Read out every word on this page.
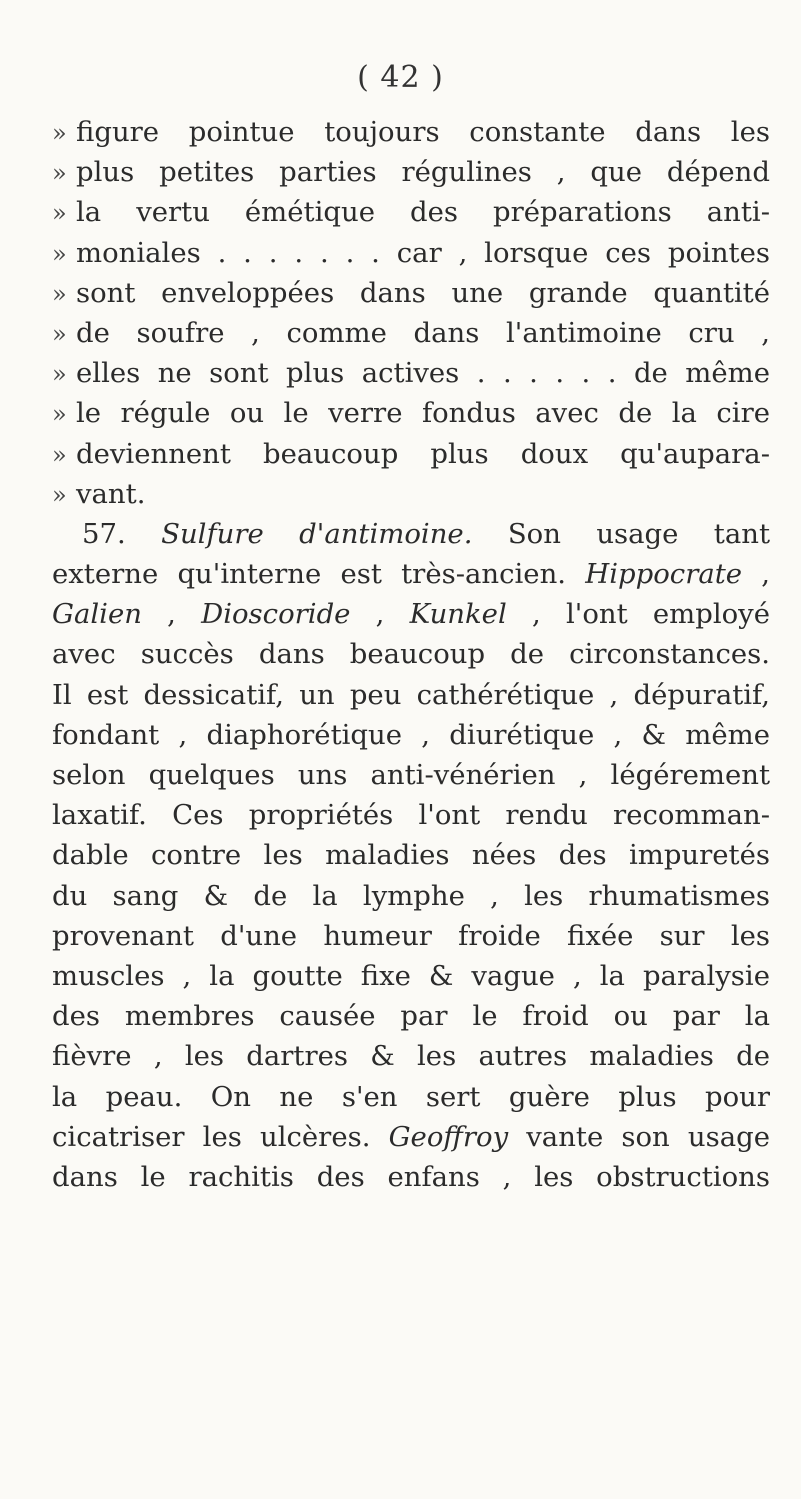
( 42 )
» figure pointue toujours constante dans les
» plus petites parties régulines , que dépend
» la vertu émétique des préparations anti-
» moniales . . . . . . . car , lorsque ces pointes
» sont enveloppées dans une grande quantité
» de soufre , comme dans l'antimoine cru ,
» elles ne sont plus actives . . . . . . de même
» le régule ou le verre fondus avec de la cire
» deviennent beaucoup plus doux qu'aupara-
» vant.
57. Sulfure d'antimoine. Son usage tant
externe qu'interne est très-ancien. Hippocrate ,
Galien , Dioscoride , Kunkel , l'ont employé
avec succès dans beaucoup de circonstances.
Il est dessicatif, un peu cathérétique , dépuratif,
fondant , diaphorétique , diurétique , & même
selon quelques uns anti-vénérien , légérement
laxatif. Ces propriétés l'ont rendu recomman-
dable contre les maladies nées des impuretés
du sang & de la lymphe , les rhumatismes
provenant d'une humeur froide fixée sur les
muscles , la goutte fixe & vague , la paralysie
des membres causée par le froid ou par la
fièvre , les dartres & les autres maladies de
la peau. On ne s'en sert guère plus pour
cicatriser les ulcères. Geoffroy vante son usage
dans le rachitis des enfans , les obstructions
